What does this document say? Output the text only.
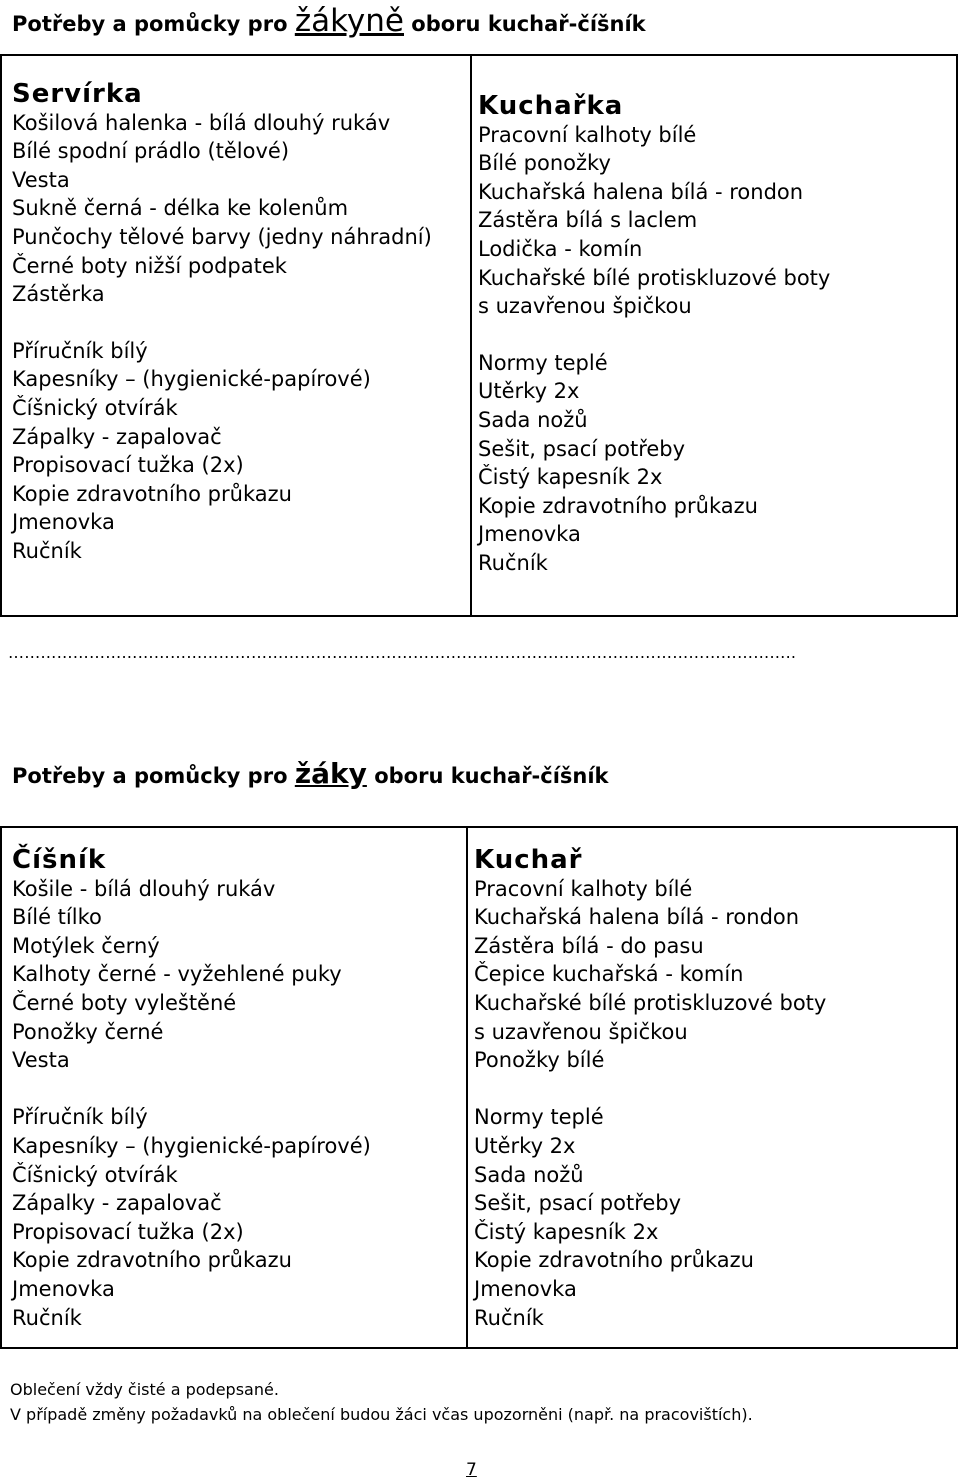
Potřeby a pomůcky pro žákyně oboru kuchař-číšník
Servírka
Košilová halenka - bílá dlouhý rukáv
Bílé spodní prádlo (tělové)
Vesta
Sukně černá - délka ke kolenům
Punčochy tělové barvy (jedny náhradní)
Černé boty nižší podpatek
Zástěrka
Příručník bílý
Kapesníky – (hygienické-papírové)
Číšnický otvírák
Zápalky - zapalovač
Propisovací tužka (2x)
Kopie zdravotního průkazu
Jmenovka
Ručník

Kuchařka
Pracovní kalhoty bílé
Bílé ponožky
Kuchařská halena bílá - rondon
Zástěra bílá s laclem
Lodička - komín
Kuchařské bílé protiskluzové boty
s uzavřenou špičkou
Normy teplé
Utěrky 2x
Sada nožů
Sešit, psací potřeby
Čistý kapesník 2x
Kopie zdravotního průkazu
Jmenovka
Ručník
………………………………………………………………………………………………………………………………..
Potřeby a pomůcky pro žáky oboru kuchař-číšník
Číšník
Košile - bílá dlouhý rukáv
Bílé tílko
Motýlek černý
Kalhoty černé - vyžehlené puky
Černé boty vyleštěné
Ponožky černé
Vesta
Příručník bílý
Kapesníky – (hygienické-papírové)
Číšnický otvírák
Zápalky - zapalovač
Propisovací tužka (2x)
Kopie zdravotního průkazu
Jmenovka
Ručník

Kuchař
Pracovní kalhoty bílé
Kuchařská halena bílá - rondon
Zástěra bílá - do pasu
Čepice kuchařská - komín
Kuchařské bílé protiskluzové boty
s uzavřenou špičkou
Ponožky bílé
Normy teplé
Utěrky 2x
Sada nožů
Sešit, psací potřeby
Čistý kapesník 2x
Kopie zdravotního průkazu
Jmenovka
Ručník
Oblečení vždy čisté a podepsané.
V případě změny požadavků na oblečení budou žáci včas upozorněni (např. na pracovištích).
7
